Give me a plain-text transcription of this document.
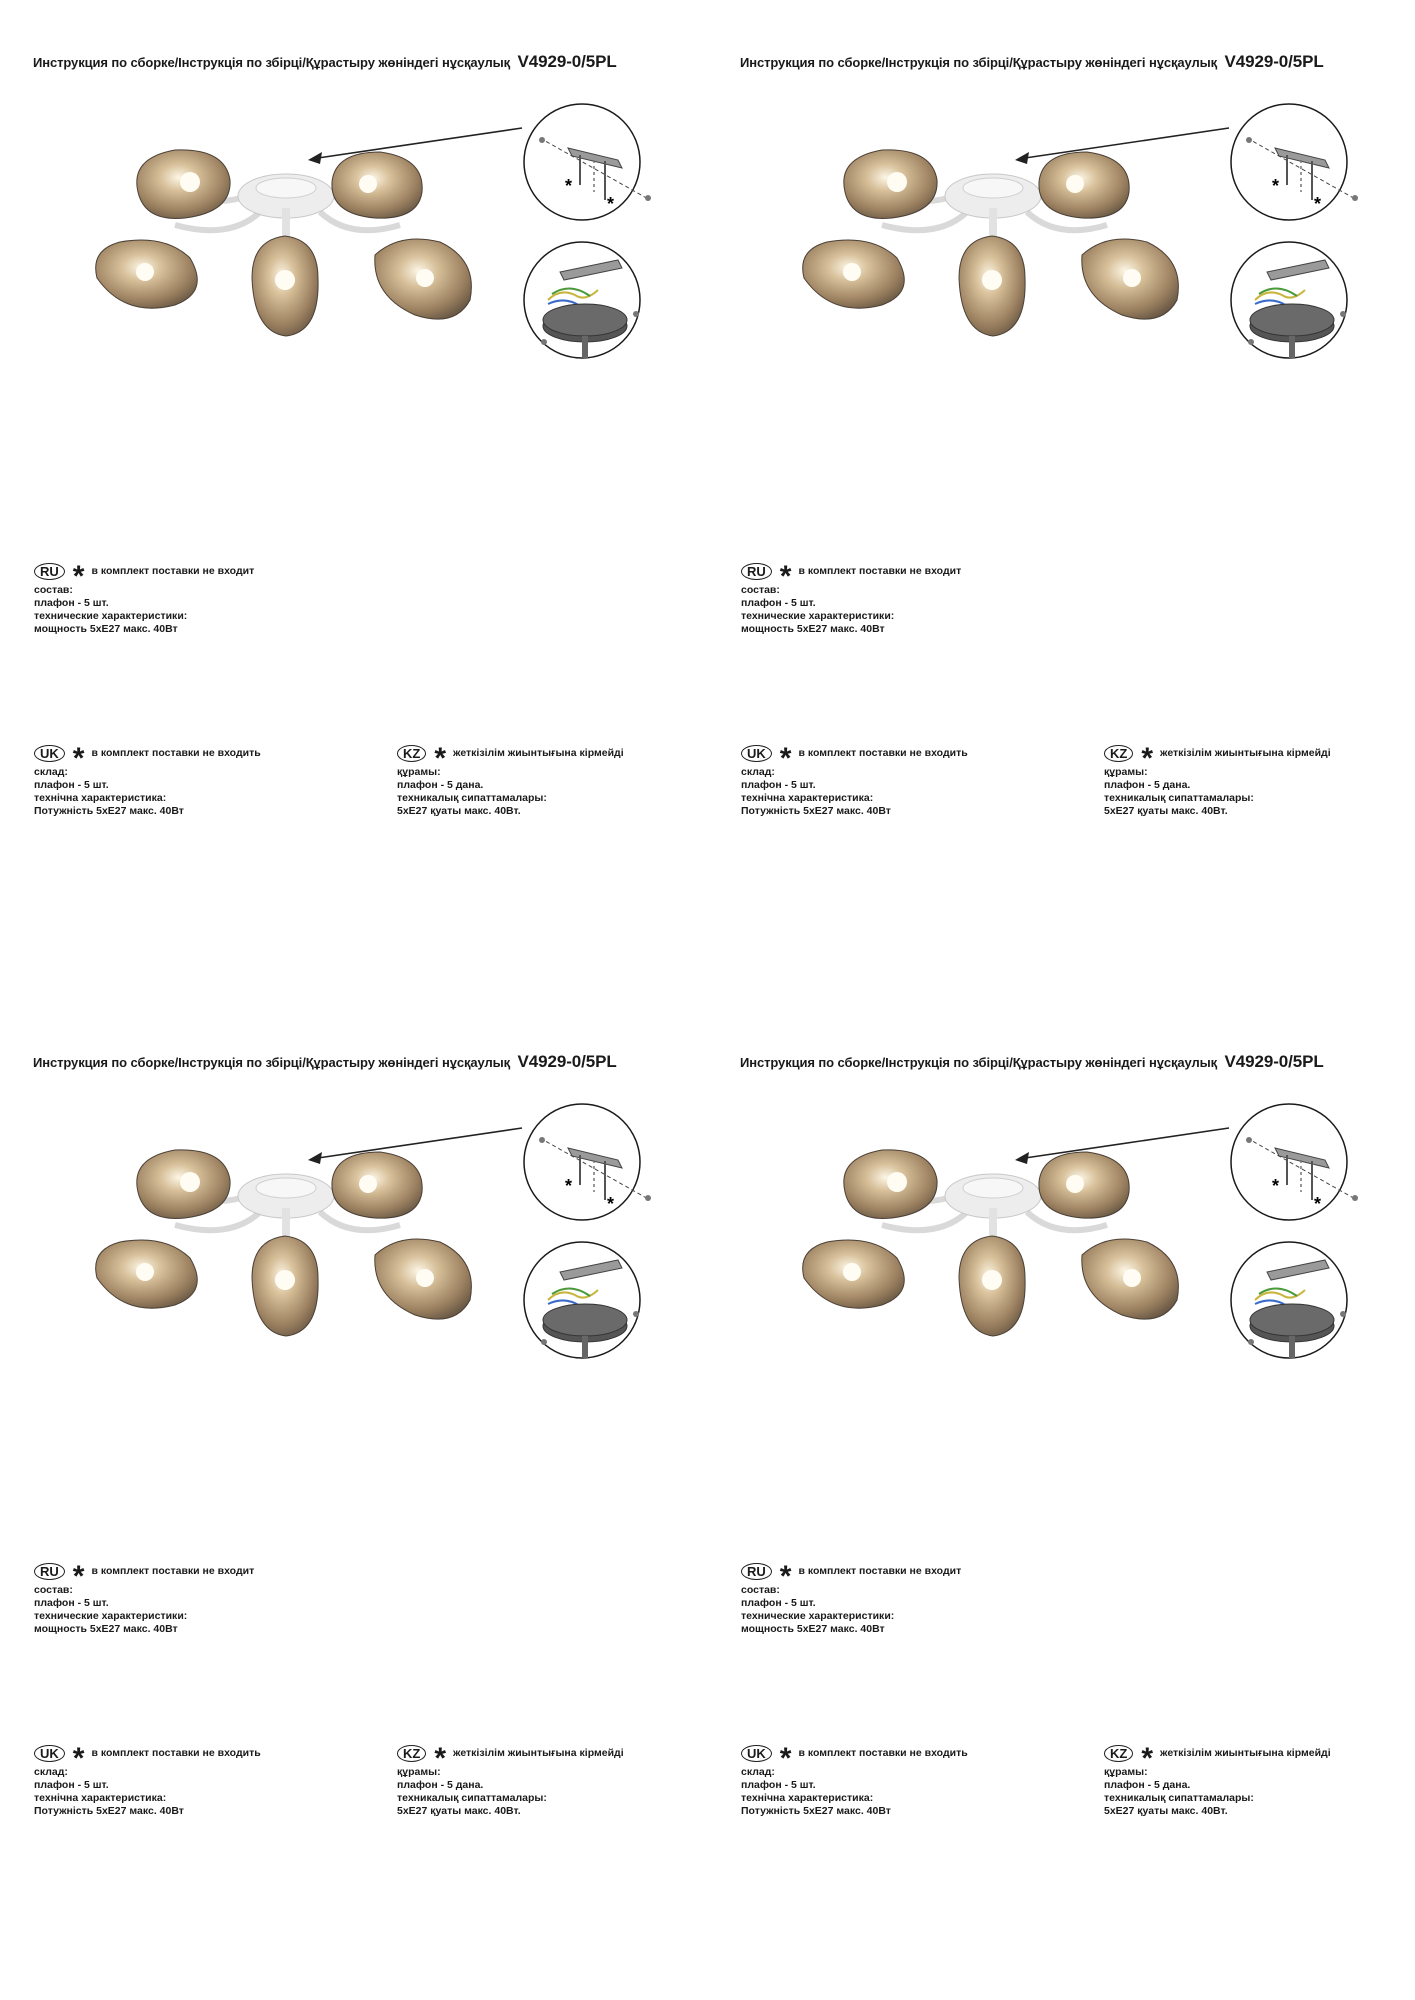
Инструкция по сборке/Інструкція по збірці/Құрастыру жөніндегі нұсқаулық V4929-0/5PL
*
*
RU * в комплект поставки не входит
состав:
плафон - 5 шт.
технические характеристики:
мощность 5хЕ27 макс. 40Вт
UK * в комплект поставки не входить
склад:
плафон - 5 шт.
технічна характеристика:
Потужність 5хЕ27 макс. 40Вт
KZ * жеткізілім жиынтығына кірмейді
құрамы:
плафон - 5 дана.
техникалық сипаттамалары:
5хЕ27 қуаты макс. 40Вт.
Инструкция по сборке/Інструкція по збірці/Құрастыру жөніндегі нұсқаулық V4929-0/5PL
*
*
RU * в комплект поставки не входит
состав:
плафон - 5 шт.
технические характеристики:
мощность 5хЕ27 макс. 40Вт
UK * в комплект поставки не входить
склад:
плафон - 5 шт.
технічна характеристика:
Потужність 5хЕ27 макс. 40Вт
KZ * жеткізілім жиынтығына кірмейді
құрамы:
плафон - 5 дана.
техникалық сипаттамалары:
5хЕ27 қуаты макс. 40Вт.
Инструкция по сборке/Інструкція по збірці/Құрастыру жөніндегі нұсқаулық V4929-0/5PL
*
*
RU * в комплект поставки не входит
состав:
плафон - 5 шт.
технические характеристики:
мощность 5хЕ27 макс. 40Вт
UK * в комплект поставки не входить
склад:
плафон - 5 шт.
технічна характеристика:
Потужність 5хЕ27 макс. 40Вт
KZ * жеткізілім жиынтығына кірмейді
құрамы:
плафон - 5 дана.
техникалық сипаттамалары:
5хЕ27 қуаты макс. 40Вт.
Инструкция по сборке/Інструкція по збірці/Құрастыру жөніндегі нұсқаулық V4929-0/5PL
*
*
RU * в комплект поставки не входит
состав:
плафон - 5 шт.
технические характеристики:
мощность 5хЕ27 макс. 40Вт
UK * в комплект поставки не входить
склад:
плафон - 5 шт.
технічна характеристика:
Потужність 5хЕ27 макс. 40Вт
KZ * жеткізілім жиынтығына кірмейді
құрамы:
плафон - 5 дана.
техникалық сипаттамалары:
5хЕ27 қуаты макс. 40Вт.
